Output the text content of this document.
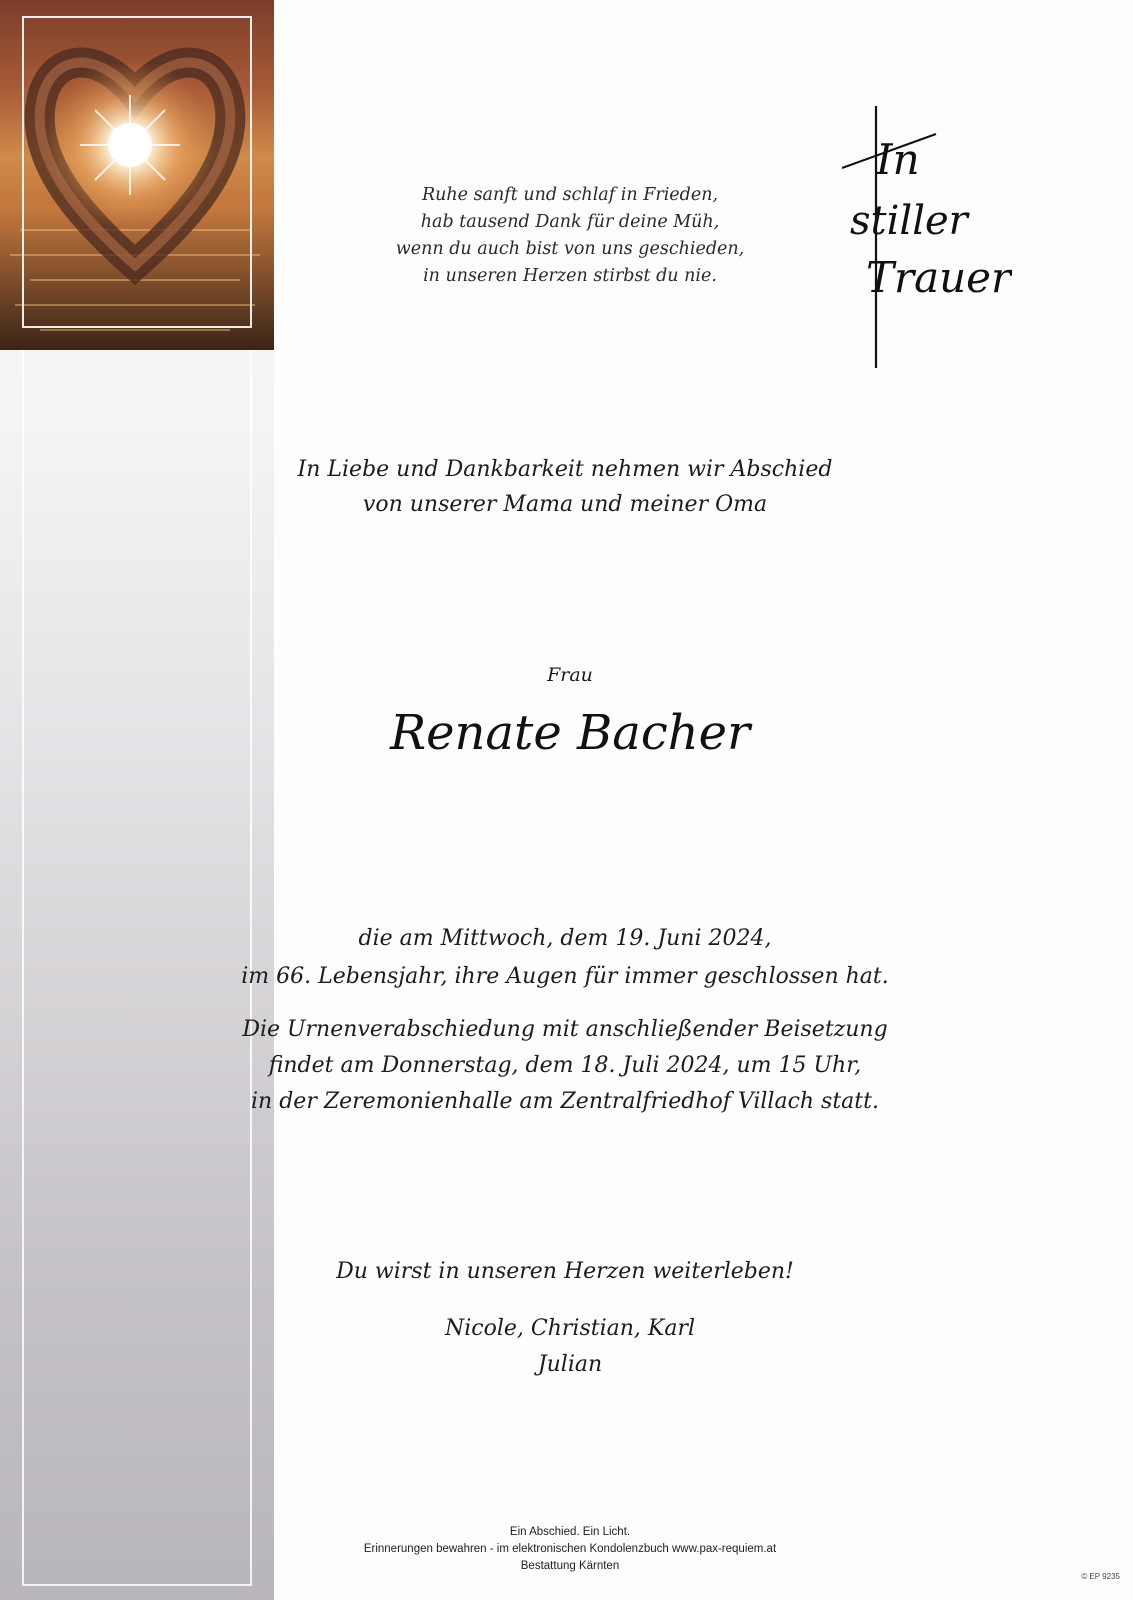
Ruhe sanft und schlaf in Frieden,
hab tausend Dank für deine Müh,
wenn du auch bist von uns geschieden,
in unseren Herzen stirbst du nie.
In
stiller
Trauer
In Liebe und Dankbarkeit nehmen wir Abschied
von unserer Mama und meiner Oma
Frau
Renate Bacher
die am Mittwoch, dem 19. Juni 2024,
im 66. Lebensjahr, ihre Augen für immer geschlossen hat.
Die Urnenverabschiedung mit anschließender Beisetzung
findet am Donnerstag, dem 18. Juli 2024, um 15 Uhr,
in der Zeremonienhalle am Zentralfriedhof Villach statt.
Du wirst in unseren Herzen weiterleben!
Nicole, Christian, Karl
Julian
Ein Abschied. Ein Licht.
Erinnerungen bewahren - im elektronischen Kondolenzbuch www.pax-requiem.at
Bestattung Kärnten
© EP 9235
